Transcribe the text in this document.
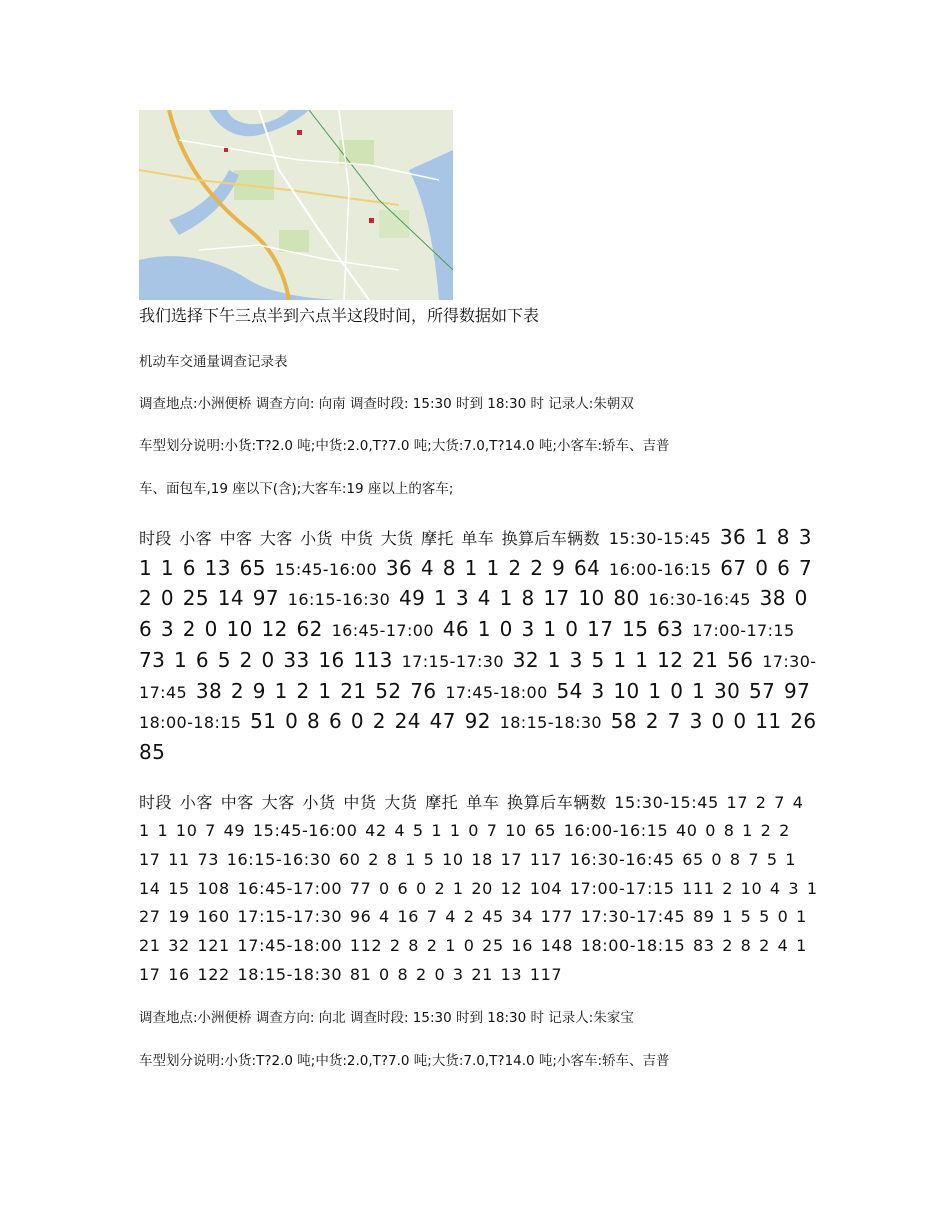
我们选择下午三点半到六点半这段时间，所得数据如下表

机动车交通量调查记录表

调查地点:小洲便桥 调查方向: 向南 调查时段: 15:30 时到 18:30 时 记录人:朱朝双

车型划分说明:小货:T?2.0 吨;中货:2.0,T?7.0 吨;大货:7.0,T?14.0 吨;小客车:轿车、吉普

车、面包车,19 座以下(含);大客车:19 座以上的客车;

时段 小客 中客 大客 小货 中货 大货 摩托 单车 换算后车辆数 15:30-15:45 36 1 8 3 1 1 6 13 65 15:45-16:00 36 4 8 1 1 2 2 9 64 16:00-16:15 67 0 6 7 2 0 25 14 97 16:15-16:30 49 1 3 4 1 8 17 10 80 16:30-16:45 38 0 6 3 2 0 10 12 62 16:45-17:00 46 1 0 3 1 0 17 15 63 17:00-17:15 73 1 6 5 2 0 33 16 113 17:15-17:30 32 1 3 5 1 1 12 21 56 17:30-17:45 38 2 9 1 2 1 21 52 76 17:45-18:00 54 3 10 1 0 1 30 57 97 18:00-18:15 51 0 8 6 0 2 24 47 92 18:15-18:30 58 2 7 3 0 0 11 26 85

时段 小客 中客 大客 小货 中货 大货 摩托 单车 换算后车辆数 15:30-15:45 17 2 7 4 1 1 10 7 49 15:45-16:00 42 4 5 1 1 0 7 10 65 16:00-16:15 40 0 8 1 2 2 17 11 73 16:15-16:30 60 2 8 1 5 10 18 17 117 16:30-16:45 65 0 8 7 5 1 14 15 108 16:45-17:00 77 0 6 0 2 1 20 12 104 17:00-17:15 111 2 10 4 3 1 27 19 160 17:15-17:30 96 4 16 7 4 2 45 34 177 17:30-17:45 89 1 5 5 0 1 21 32 121 17:45-18:00 112 2 8 2 1 0 25 16 148 18:00-18:15 83 2 8 2 4 1 17 16 122 18:15-18:30 81 0 8 2 0 3 21 13 117

调查地点:小洲便桥 调查方向: 向北 调查时段: 15:30 时到 18:30 时 记录人:朱家宝

车型划分说明:小货:T?2.0 吨;中货:2.0,T?7.0 吨;大货:7.0,T?14.0 吨;小客车:轿车、吉普
